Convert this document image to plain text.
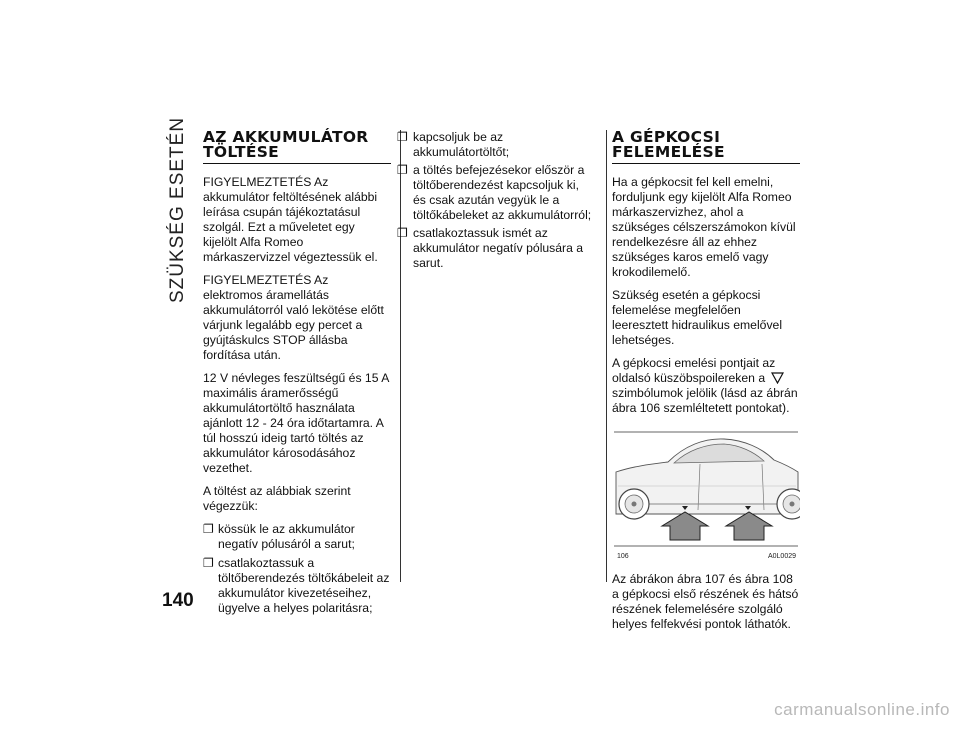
SZÜKSÉG ESETÉN
140
AZ AKKUMULÁTOR
TÖLTÉSE

FIGYELMEZTETÉS Az akkumulátor feltöltésének alábbi leírása csupán tájékoztatásul szolgál. Ezt a műveletet egy kijelölt Alfa Romeo márkaszervizzel végeztessük el.

FIGYELMEZTETÉS Az elektromos áramellátás akkumulátorról való lekötése előtt várjunk legalább egy percet a gyújtáskulcs STOP állásba fordítása után.

12 V névleges feszültségű és 15 A maximális áramerősségű akkumulátortöltő használata ajánlott 12 - 24 óra időtartamra. A túl hosszú ideig tartó töltés az akkumulátor károsodásához vezethet.

A töltést az alábbiak szerint végezzük:

❐ kössük le az akkumulátor negatív pólusáról a sarut;
❐ csatlakoztassuk a töltőberendezés töltőkábeleit az akkumulátor kivezetéseihez, ügyelve a helyes polaritásra;
❐ kapcsoljuk be az akkumulátortöltőt;
❐ a töltés befejezésekor először a töltőberendezést kapcsoljuk ki, és csak azután vegyük le a töltőkábeleket az akkumulátorról;
❐ csatlakoztassuk ismét az akkumulátor negatív pólusára a sarut.
A GÉPKOCSI
FELEMELÉSE

Ha a gépkocsit fel kell emelni, forduljunk egy kijelölt Alfa Romeo márkaszervizhez, ahol a szükséges célszerszámokon kívül rendelkezésre áll az ehhez szükséges karos emelő vagy krokodilemelő.

Szükség esetén a gépkocsi felemelése megfelelően leeresztett hidraulikus emelővel lehetséges.

A gépkocsi emelési pontjait az oldalsó küszöbspoilereken a  szimbólumok jelölik (lásd az ábrán ábra 106 szemléltetett pontokat).

106	A0L0029

Az ábrákon ábra 107 és ábra 108 a gépkocsi első részének és hátsó részének felemelésére szolgáló helyes felfekvési pontok láthatók.

carmanualsonline.info
